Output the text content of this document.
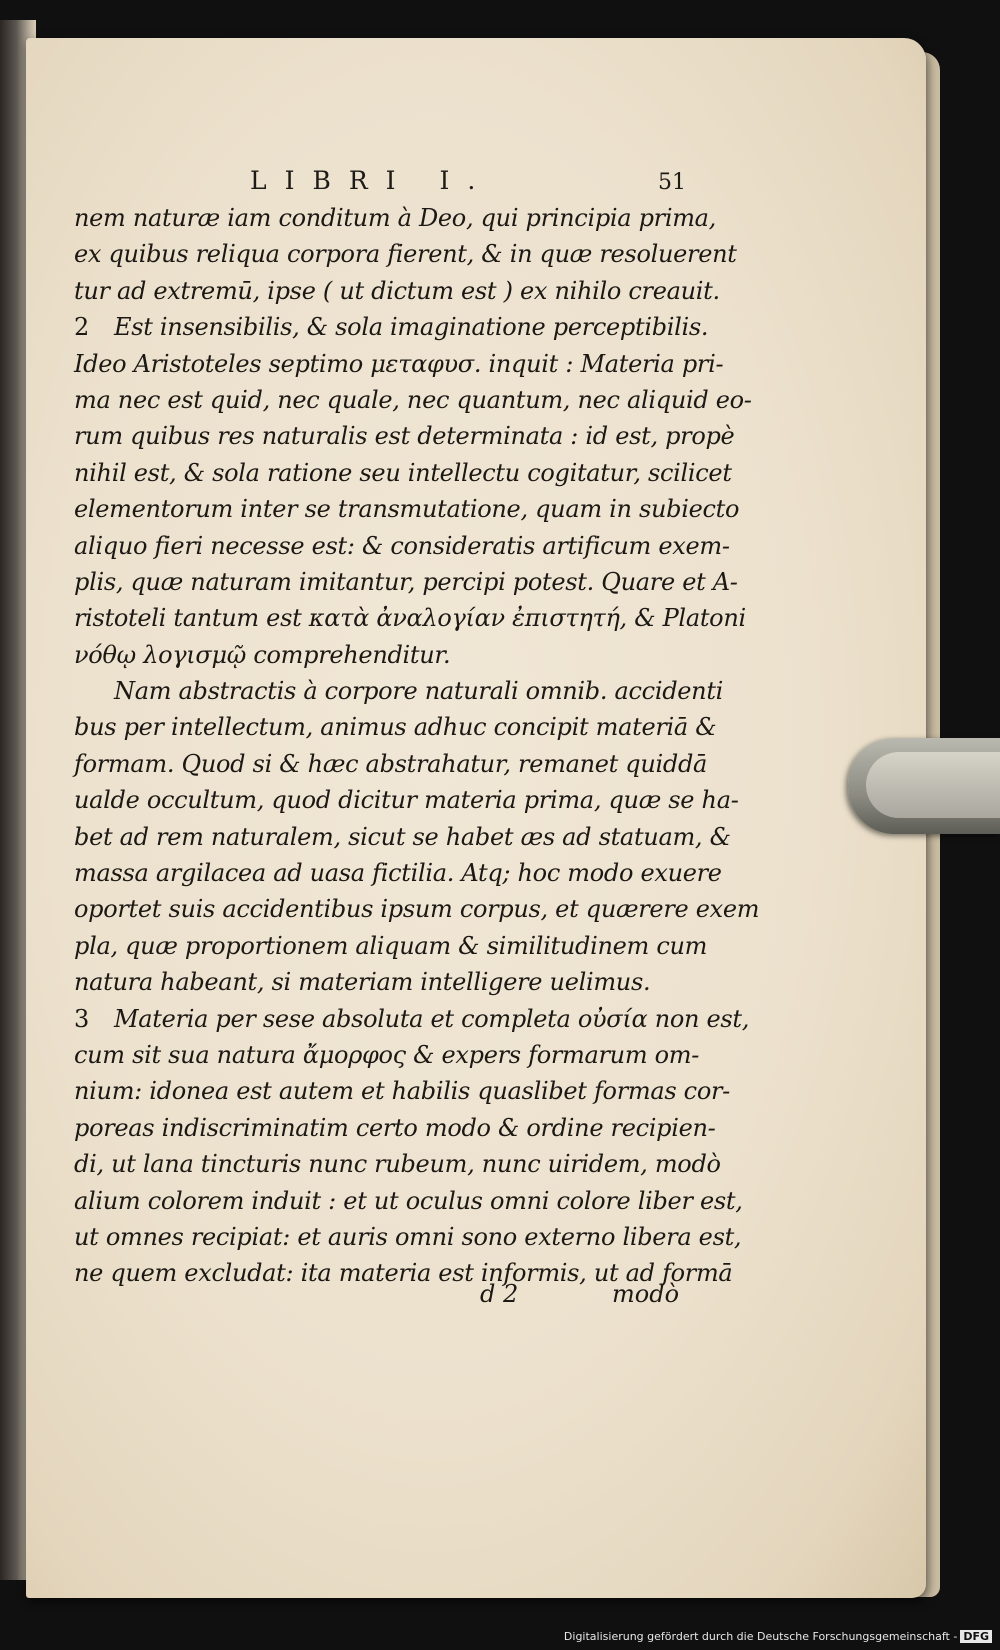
LIBRI I.	51
nem naturæ iam conditum à Deo, qui principia prima,
ex quibus reliqua corpora fierent, & in quæ resoluerent
tur ad extremū, ipse ( ut dictum est ) ex nihilo creauit.
2 Est insensibilis, & sola imaginatione perceptibilis.
Ideo Aristoteles septimo μεταφυσ. inquit : Materia pri-
ma nec est quid, nec quale, nec quantum, nec aliquid eo-
rum quibus res naturalis est determinata : id est, propè
nihil est, & sola ratione seu intellectu cogitatur, scilicet
elementorum inter se transmutatione, quam in subiecto
aliquo fieri necesse est: & consideratis artificum exem-
plis, quæ naturam imitantur, percipi potest. Quare et A-
ristoteli tantum est κατὰ ἀναλογίαν ἐπιστητή, & Platoni
νόθῳ λογισμῷ comprehenditur.
Nam abstractis à corpore naturali omnib. accidenti
bus per intellectum, animus adhuc concipit materiā &
formam. Quod si & hæc abstrahatur, remanet quiddā
ualde occultum, quod dicitur materia prima, quæ se ha-
bet ad rem naturalem, sicut se habet æs ad statuam, &
massa argilacea ad uasa fictilia. Atq; hoc modo exuere
oportet suis accidentibus ipsum corpus, et quærere exem
pla, quæ proportionem aliquam & similitudinem cum
natura habeant, si materiam intelligere uelimus.
3 Materia per sese absoluta et completa οὐσία non est,
cum sit sua natura ἄμορφος & expers formarum om-
nium: idonea est autem et habilis quaslibet formas cor-
poreas indiscriminatim certo modo & ordine recipien-
di, ut lana tincturis nunc rubeum, nunc uiridem, modò
alium colorem induit : et ut oculus omni colore liber est,
ut omnes recipiat: et auris omni sono externo libera est,
ne quem excludat: ita materia est informis, ut ad formā
d 2	modò
Digitalisierung gefördert durch die Deutsche Forschungsgemeinschaft - DFG
